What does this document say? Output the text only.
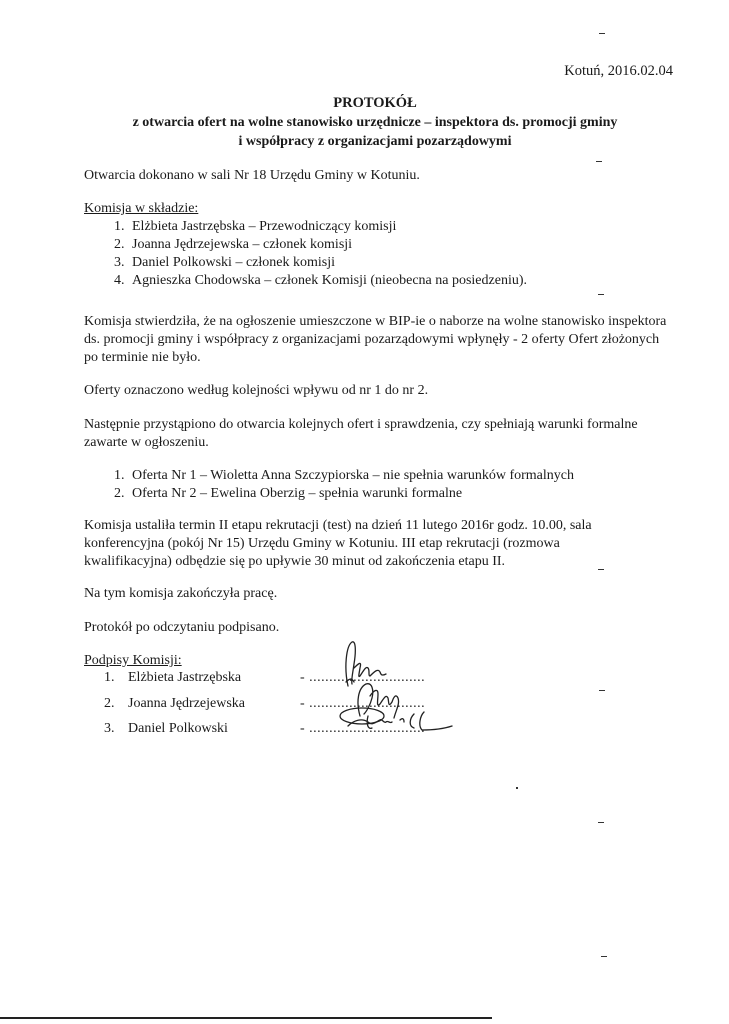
Kotuń, 2016.02.04
PROTOKÓŁ
z otwarcia ofert na wolne stanowisko urzędnicze – inspektora ds. promocji gminy
i współpracy z organizacjami pozarządowymi
Otwarcia dokonano w sali Nr 18 Urzędu Gminy w Kotuniu.
Komisja w składzie:
1. Elżbieta Jastrzębska – Przewodniczący komisji
2. Joanna Jędrzejewska – członek komisji
3. Daniel Polkowski – członek komisji
4. Agnieszka Chodowska – członek Komisji (nieobecna na posiedzeniu).
Komisja stwierdziła, że na ogłoszenie umieszczone w BIP-ie o naborze na wolne stanowisko inspektora ds. promocji gminy i współpracy z organizacjami pozarządowymi wpłynęły - 2 oferty Ofert złożonych po terminie nie było.
Oferty oznaczono według kolejności wpływu od nr 1 do nr 2.
Następnie przystąpiono do otwarcia kolejnych ofert i sprawdzenia, czy spełniają warunki formalne zawarte w ogłoszeniu.
1. Oferta Nr 1 – Wioletta Anna Szczypiorska – nie spełnia warunków formalnych
2. Oferta Nr 2 – Ewelina Oberzig – spełnia warunki formalne
Komisja ustaliła termin II etapu rekrutacji (test) na dzień 11 lutego 2016r godz. 10.00, sala konferencyjna (pokój Nr 15) Urzędu Gminy w Kotuniu. III etap rekrutacji (rozmowa kwalifikacyjna) odbędzie się po upływie 30 minut od zakończenia etapu II.
Na tym komisja zakończyła pracę.
Protokół po odczytaniu podpisano.
Podpisy Komisji:
1. Elżbieta Jastrzębska	- .............................
2. Joanna Jędrzejewska	- .............................
3. Daniel Polkowski	- .............................
